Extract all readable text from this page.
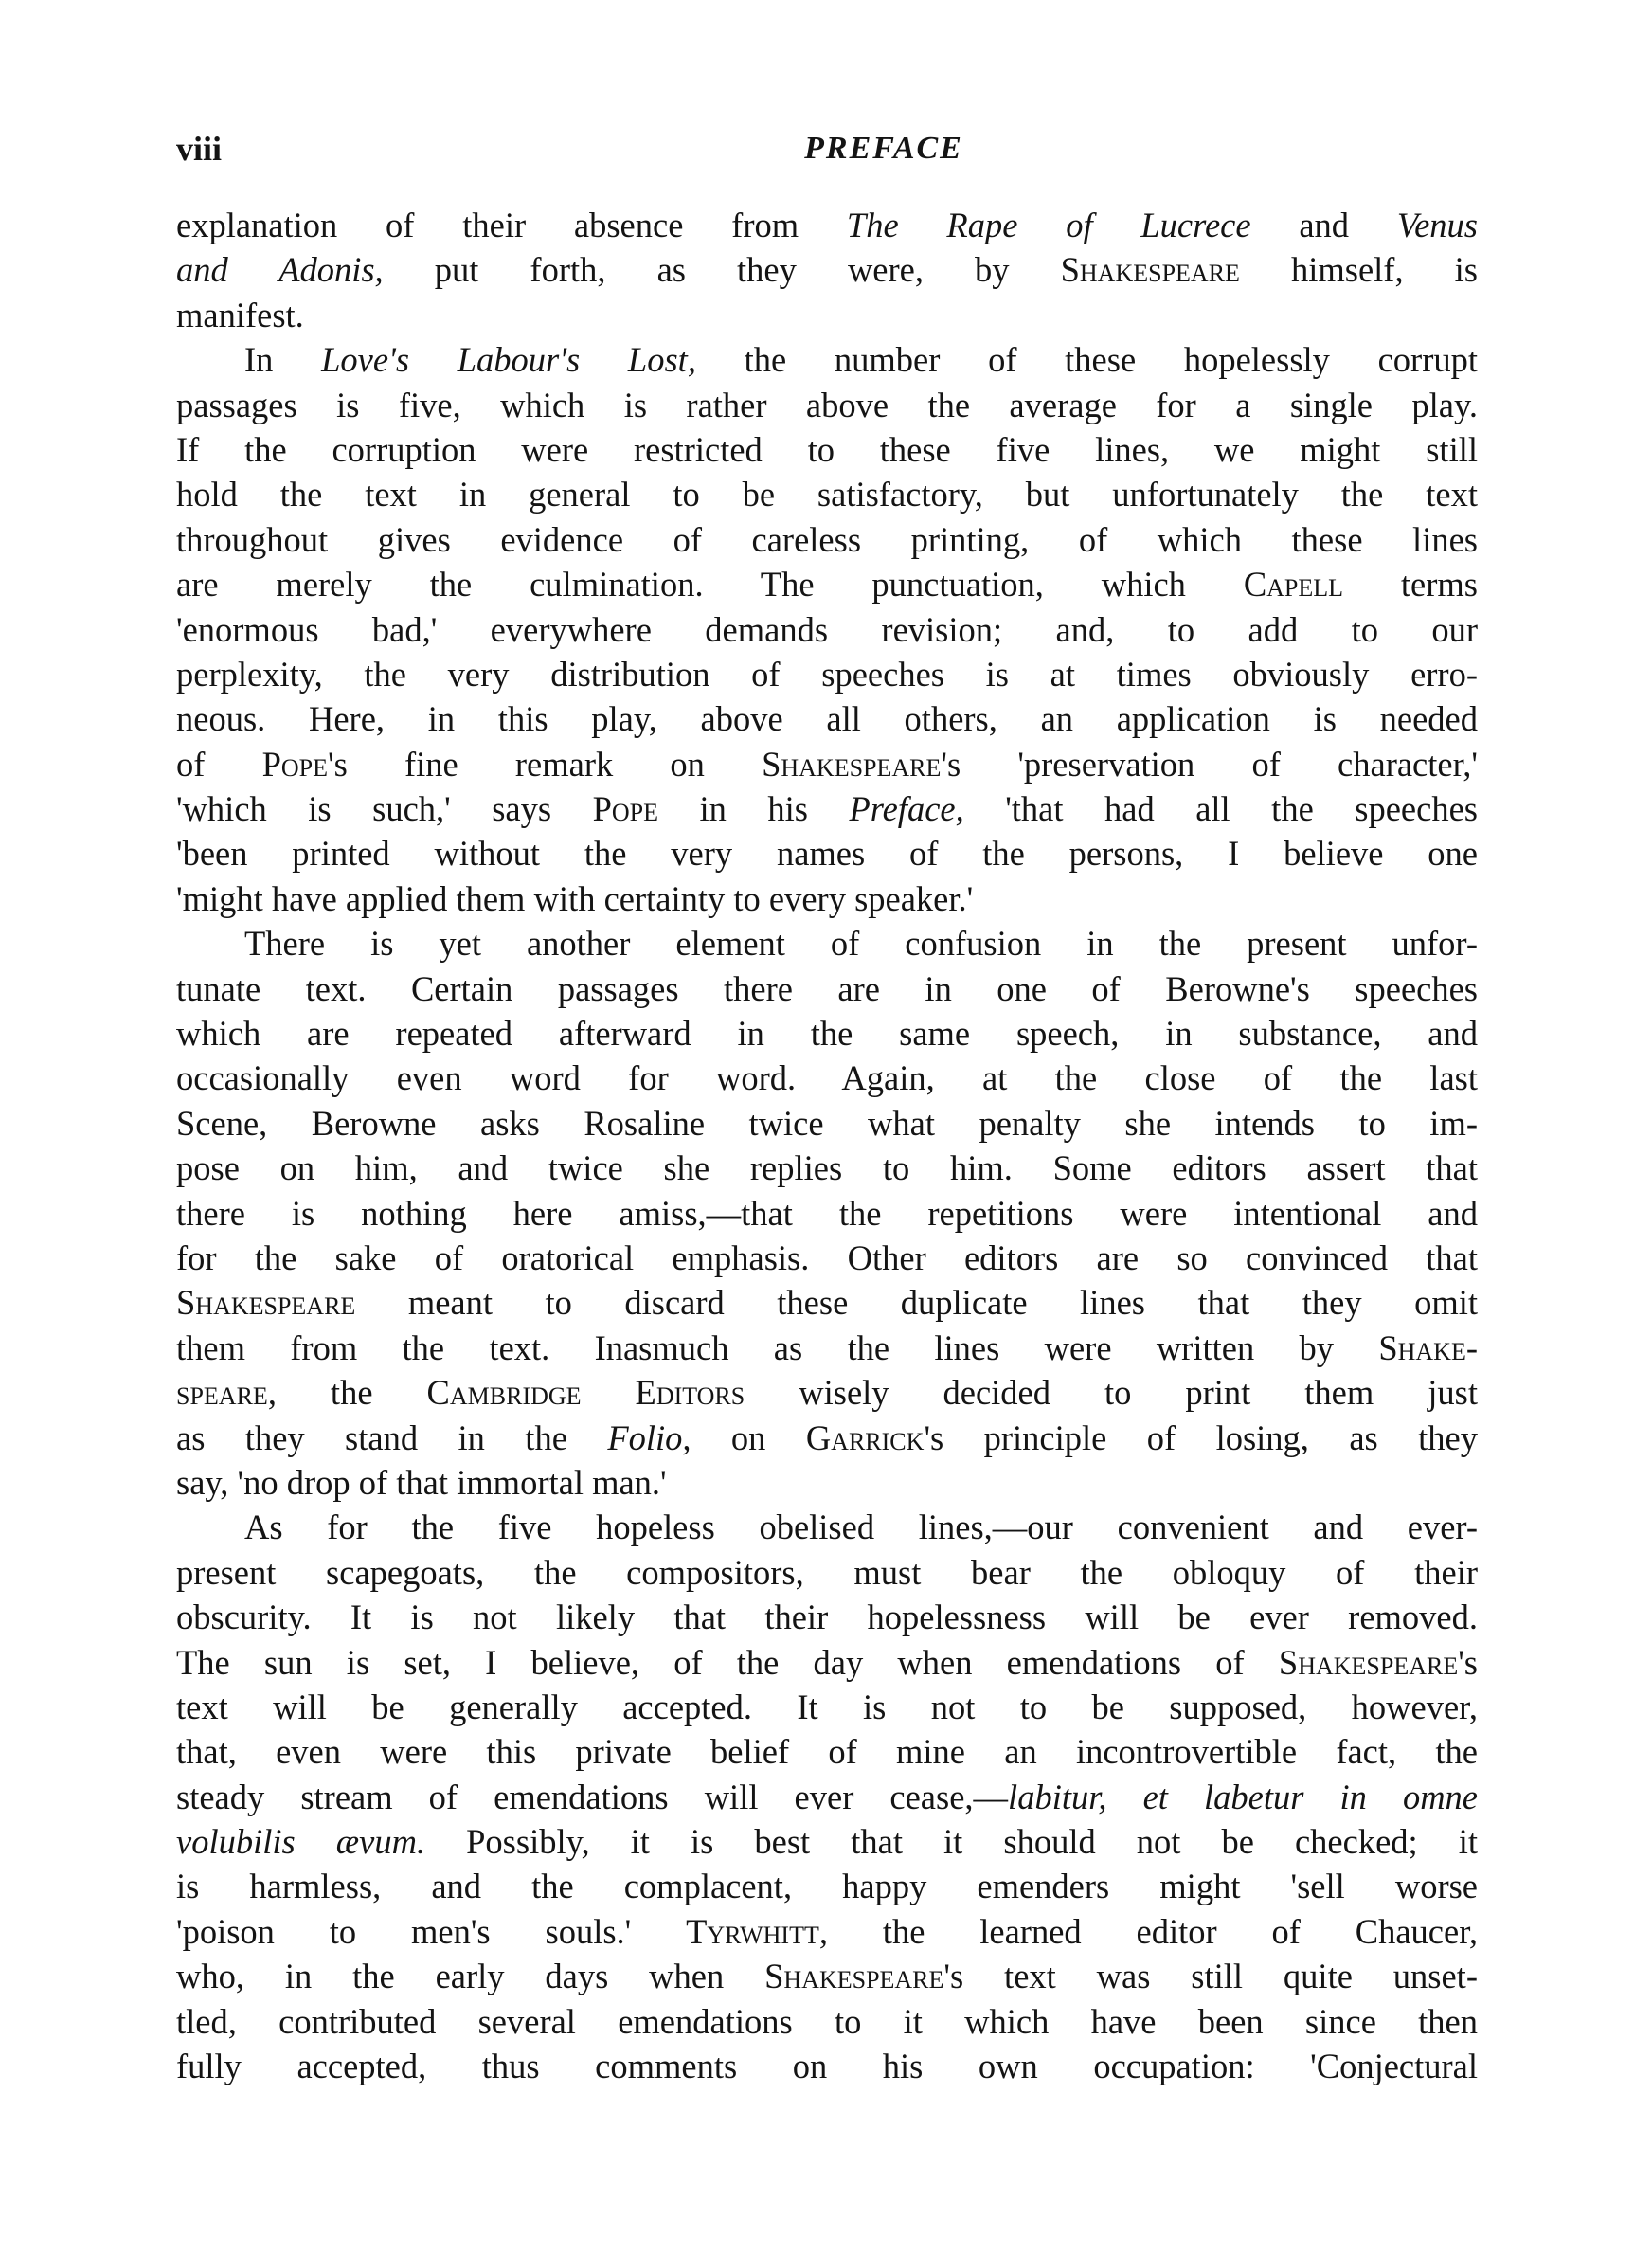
viii	PREFACE
explanation of their absence from The Rape of Lucrece and Venus
and Adonis, put forth, as they were, by Shakespeare himself, is
manifest.
In Love's Labour's Lost, the number of these hopelessly corrupt
passages is five, which is rather above the average for a single play.
If the corruption were restricted to these five lines, we might still
hold the text in general to be satisfactory, but unfortunately the text
throughout gives evidence of careless printing, of which these lines
are merely the culmination. The punctuation, which Capell terms
'enormous bad,' everywhere demands revision; and, to add to our
perplexity, the very distribution of speeches is at times obviously erro-
neous. Here, in this play, above all others, an application is needed
of Pope's fine remark on Shakespeare's 'preservation of character,'
'which is such,' says Pope in his Preface, 'that had all the speeches
'been printed without the very names of the persons, I believe one
'might have applied them with certainty to every speaker.'
There is yet another element of confusion in the present unfor-
tunate text. Certain passages there are in one of Berowne's speeches
which are repeated afterward in the same speech, in substance, and
occasionally even word for word. Again, at the close of the last
Scene, Berowne asks Rosaline twice what penalty she intends to im-
pose on him, and twice she replies to him. Some editors assert that
there is nothing here amiss,—that the repetitions were intentional and
for the sake of oratorical emphasis. Other editors are so convinced that
Shakespeare meant to discard these duplicate lines that they omit
them from the text. Inasmuch as the lines were written by Shake-
speare, the Cambridge Editors wisely decided to print them just
as they stand in the Folio, on Garrick's principle of losing, as they
say, 'no drop of that immortal man.'
As for the five hopeless obelised lines,—our convenient and ever-
present scapegoats, the compositors, must bear the obloquy of their
obscurity. It is not likely that their hopelessness will be ever removed.
The sun is set, I believe, of the day when emendations of Shakespeare's
text will be generally accepted. It is not to be supposed, however,
that, even were this private belief of mine an incontrovertible fact, the
steady stream of emendations will ever cease,—labitur, et labetur in omne
volubilis ævum. Possibly, it is best that it should not be checked; it
is harmless, and the complacent, happy emenders might 'sell worse
'poison to men's souls.' Tyrwhitt, the learned editor of Chaucer,
who, in the early days when Shakespeare's text was still quite unset-
tled, contributed several emendations to it which have been since then
fully accepted, thus comments on his own occupation: 'Conjectural
